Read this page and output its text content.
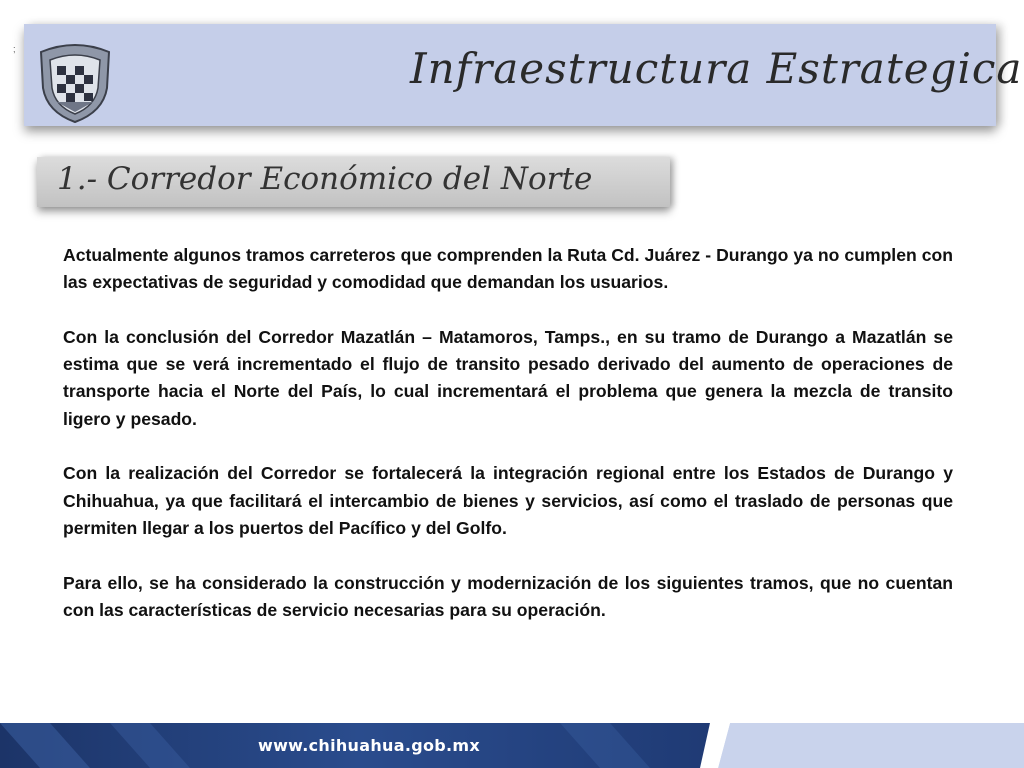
;	Infraestructura Estrategica
1.- Corredor Económico del Norte

Actualmente algunos tramos carreteros que comprenden la Ruta Cd. Juárez - Durango ya no cumplen con las expectativas de seguridad y comodidad que demandan los usuarios.

Con la conclusión del Corredor Mazatlán – Matamoros, Tamps., en su tramo de Durango a Mazatlán se estima que se verá incrementado el flujo de transito pesado derivado del aumento de operaciones de transporte hacia el Norte del País, lo cual incrementará el problema que genera la mezcla de transito ligero y pesado.

Con la realización del Corredor se fortalecerá la integración regional entre los Estados de Durango y Chihuahua, ya que facilitará el intercambio de bienes y servicios, así como el traslado de personas que permiten llegar a los puertos del Pacífico y del Golfo.

Para ello, se ha considerado la construcción y modernización de los siguientes tramos, que no cuentan con las características de servicio necesarias para su operación.

www.chihuahua.gob.mx
